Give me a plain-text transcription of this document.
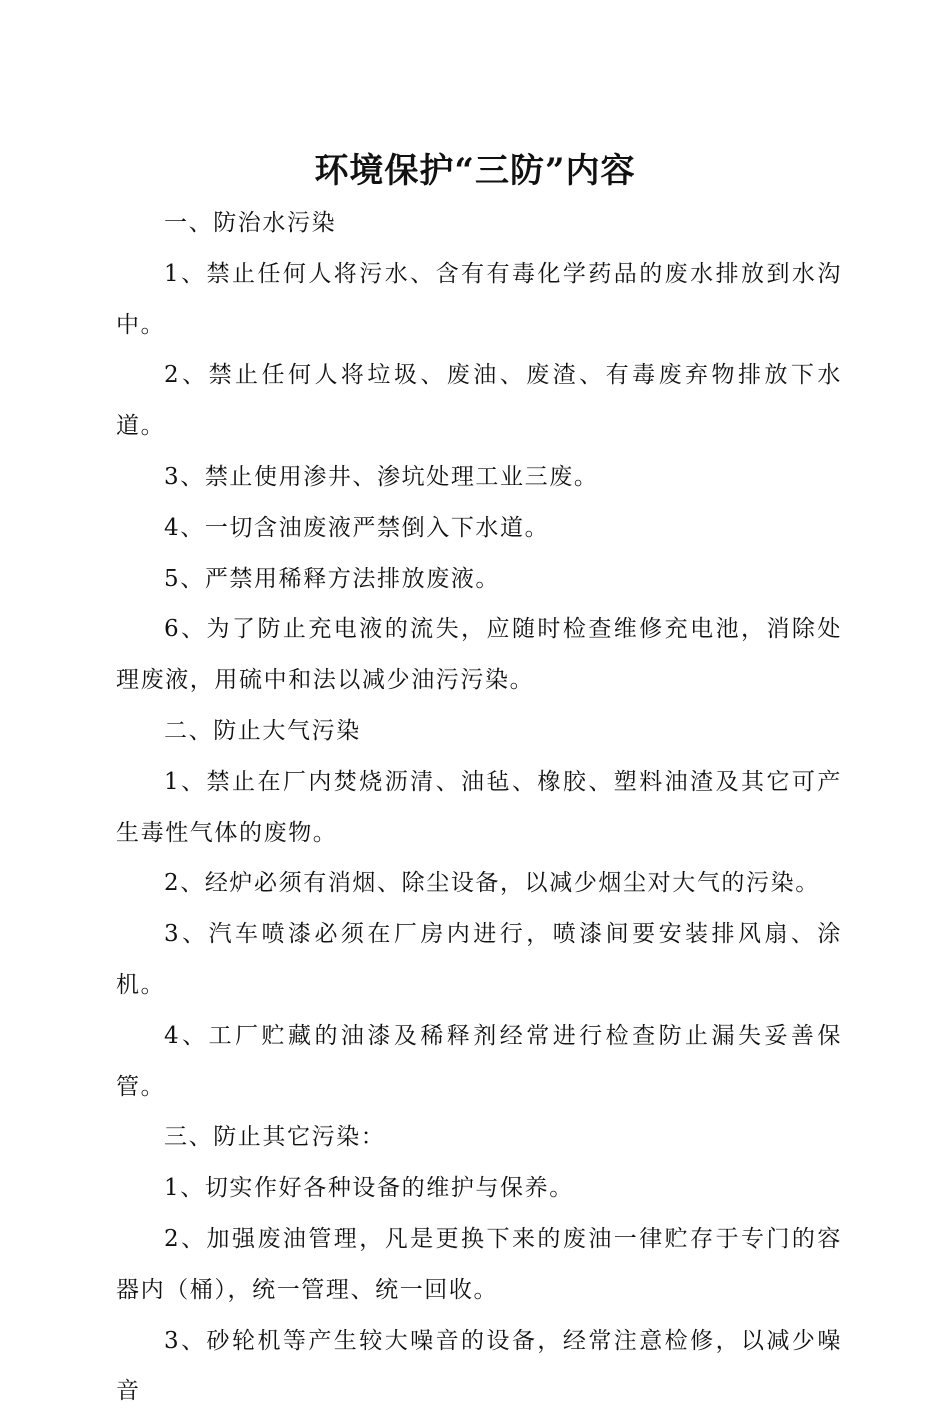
环境保护“三防”内容

一、防治水污染

1、禁止任何人将污水、含有有毒化学药品的废水排放到水沟中。

2、禁止任何人将垃圾、废油、废渣、有毒废弃物排放下水道。

3、禁止使用渗井、渗坑处理工业三废。

4、一切含油废液严禁倒入下水道。

5、严禁用稀释方法排放废液。

6、为了防止充电液的流失，应随时检查维修充电池，消除处理废液，用硫中和法以减少油污污染。

二、防止大气污染

1、禁止在厂内焚烧沥清、油毡、橡胶、塑料油渣及其它可产生毒性气体的废物。

2、经炉必须有消烟、除尘设备，以减少烟尘对大气的污染。

3、汽车喷漆必须在厂房内进行，喷漆间要安装排风扇、涂机。

4、工厂贮藏的油漆及稀释剂经常进行检查防止漏失妥善保管。

三、防止其它污染：

1、切实作好各种设备的维护与保养。

2、加强废油管理，凡是更换下来的废油一律贮存于专门的容器内（桶），统一管理、统一回收。

3、砂轮机等产生较大噪音的设备，经常注意检修，以减少噪音
